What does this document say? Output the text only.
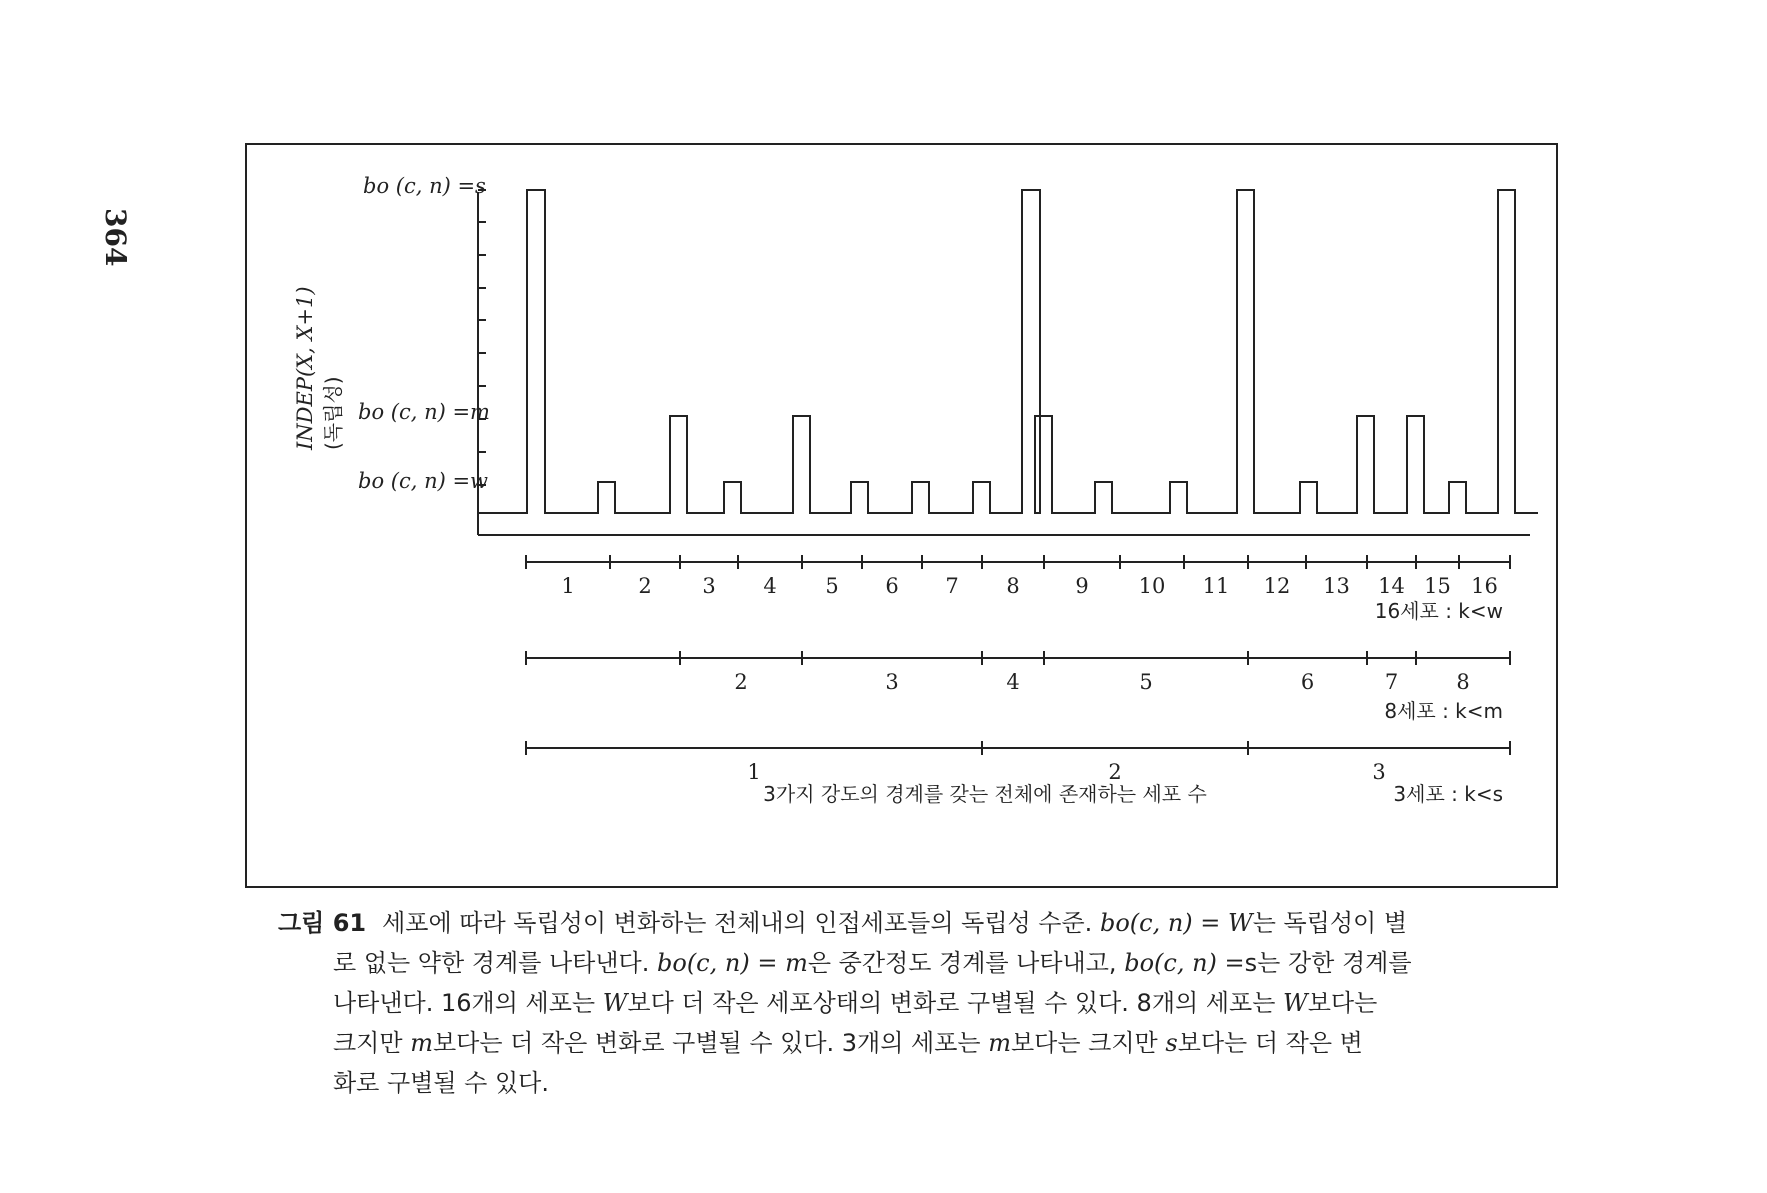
364
INDEP(X, X+1) (독립성)
bo (c, n) =s
bo (c, n) =m
bo (c, n) =w
1	2 3 4 5 6 7 8	9 10 11 12 13 14 15 16
2	3	4	5	6	7	8
1	2	3
16세포 : k<w
8세포 : k<m
3세포 : k<s
3가지 강도의 경계를 갖는 전체에 존재하는 세포 수
그림 61 세포에 따라 독립성이 변화하는 전체내의 인접세포들의 독립성 수준. bo(c, n) = W는 독립성이 별
로 없는 약한 경계를 나타낸다. bo(c, n) = m은 중간정도 경계를 나타내고, bo(c, n) =s는 강한 경계를
나타낸다. 16개의 세포는 W보다 더 작은 세포상태의 변화로 구별될 수 있다. 8개의 세포는 W보다는
크지만 m보다는 더 작은 변화로 구별될 수 있다. 3개의 세포는 m보다는 크지만 s보다는 더 작은 변
화로 구별될 수 있다.
